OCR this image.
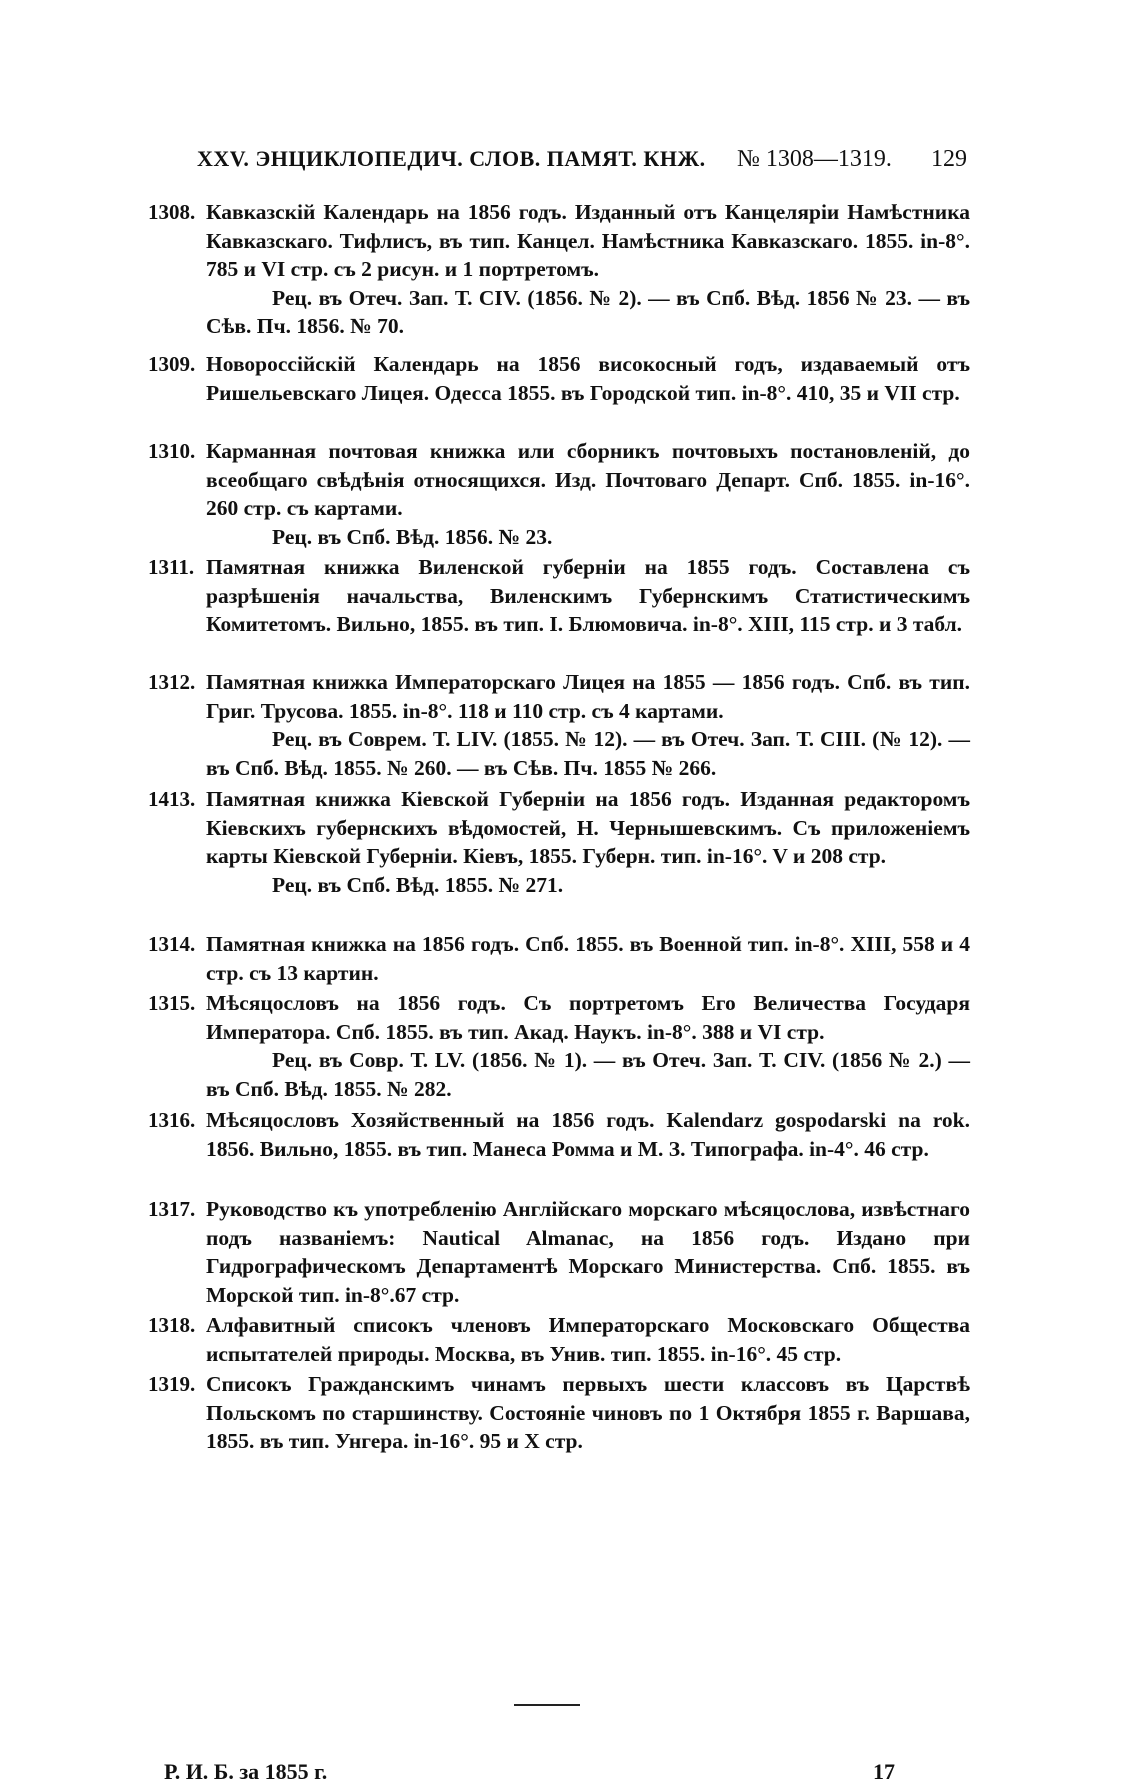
XXV. ЭНЦИКЛОПЕДИЧ. СЛОВ. ПАМЯТ. КНЖ. № 1308—1319. 129
1308. Кавказскій Календарь на 1856 годъ. Изданный отъ Канцеляріи Намѣстника Кавказскаго. Тифлисъ, въ тип. Канцел. Намѣстника Кавказскаго. 1855. in-8°. 785 и VI стр. съ 2 рисун. и 1 портретомъ.
Рец. въ Отеч. Зап. Т. CIV. (1856. № 2). — въ Спб. Вѣд. 1856 № 23. — въ Сѣв. Пч. 1856. № 70.
1309. Новороссійскій Календарь на 1856 високосный годъ, издаваемый отъ Ришельевскаго Лицея. Одесса 1855. въ Городской тип. in-8°. 410, 35 и VII стр.
1310. Карманная почтовая книжка или сборникъ почтовыхъ постановленій, до всеобщаго свѣдѣнія относящихся. Изд. Почтоваго Департ. Спб. 1855. in-16°. 260 стр. съ картами.
Рец. въ Спб. Вѣд. 1856. № 23.
1311. Памятная книжка Виленской губерніи на 1855 годъ. Составлена съ разрѣшенія начальства, Виленскимъ Губернскимъ Статистическимъ Комитетомъ. Вильно, 1855. въ тип. І. Блюмовича. in-8°. XIII, 115 стр. и 3 табл.
1312. Памятная книжка Императорскаго Лицея на 1855 — 1856 годъ. Спб. въ тип. Григ. Трусова. 1855. in-8°. 118 и 110 стр. съ 4 картами.
Рец. въ Соврем. Т. LIV. (1855. № 12). — въ Отеч. Зап. Т. CIII. (№ 12). — въ Спб. Вѣд. 1855. № 260. — въ Сѣв. Пч. 1855 № 266.
1413. Памятная книжка Кіевской Губерніи на 1856 годъ. Изданная редакторомъ Кіевскихъ губернскихъ вѣдомостей, Н. Чернышевскимъ. Съ приложеніемъ карты Кіевской Губерніи. Кіевъ, 1855. Губерн. тип. in-16°. V и 208 стр.
Рец. въ Спб. Вѣд. 1855. № 271.
1314. Памятная книжка на 1856 годъ. Спб. 1855. въ Военной тип. in-8°. XIII, 558 и 4 стр. съ 13 картин.
1315. Мѣсяцословъ на 1856 годъ. Съ портретомъ Его Величества Государя Императора. Спб. 1855. въ тип. Акад. Наукъ. in-8°. 388 и VI стр.
Рец. въ Совр. Т. LV. (1856. № 1). — въ Отеч. Зап. Т. CIV. (1856 № 2.) — въ Спб. Вѣд. 1855. № 282.
1316. Мѣсяцословъ Хозяйственный на 1856 годъ. Kalendarz gospodarski na rok. 1856. Вильно, 1855. въ тип. Манеса Ромма и М. З. Типографа. in-4°. 46 стр.
1317. Руководство къ употребленію Англійскаго морскаго мѣсяцослова, извѣстнаго подъ названіемъ: Nautical Almanac, на 1856 годъ. Издано при Гидрографическомъ Департаментѣ Морскаго Министерства. Спб. 1855. въ Морской тип. in-8°.67 стр.
1318. Алфавитный списокъ членовъ Императорскаго Московскаго Общества испытателей природы. Москва, въ Унив. тип. 1855. in-16°. 45 стр.
1319. Списокъ Гражданскимъ чинамъ первыхъ шести классовъ въ Царствѣ Польскомъ по старшинству. Состояніе чиновъ по 1 Октября 1855 г. Варшава, 1855. въ тип. Унгера. in-16°. 95 и X стр.
Р. И. Б. за 1855 г.	17
